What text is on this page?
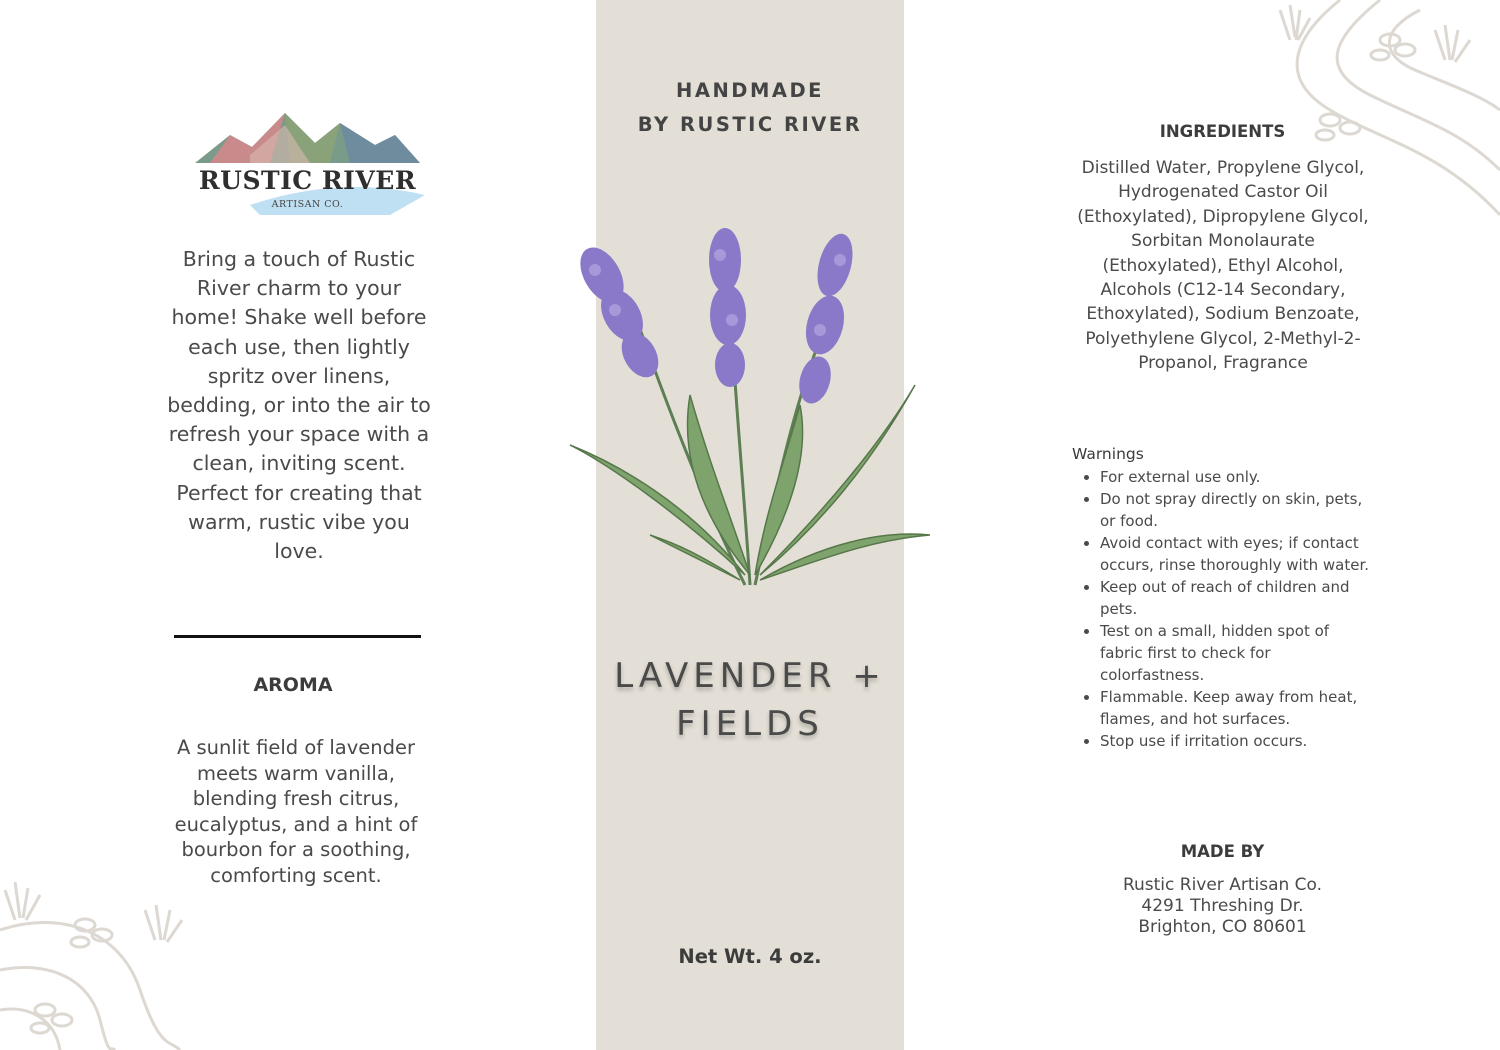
RUSTIC RIVER
ARTISAN CO.
Bring a touch of Rustic River charm to your home! Shake well before each use, then lightly spritz over linens, bedding, or into the air to refresh your space with a clean, inviting scent. Perfect for creating that warm, rustic vibe you love.
AROMA
A sunlit field of lavender meets warm vanilla, blending fresh citrus, eucalyptus, and a hint of bourbon for a soothing, comforting scent.
HANDMADE
BY RUSTIC RIVER
LAVENDER +
FIELDS
Net Wt. 4 oz.
INGREDIENTS
Distilled Water, Propylene Glycol, Hydrogenated Castor Oil (Ethoxylated), Dipropylene Glycol, Sorbitan Monolaurate (Ethoxylated), Ethyl Alcohol, Alcohols (C12-14 Secondary, Ethoxylated), Sodium Benzoate, Polyethylene Glycol, 2-Methyl-2-Propanol, Fragrance
Warnings
• For external use only.
• Do not spray directly on skin, pets, or food.
• Avoid contact with eyes; if contact occurs, rinse thoroughly with water.
• Keep out of reach of children and pets.
• Test on a small, hidden spot of fabric first to check for colorfastness.
• Flammable. Keep away from heat, flames, and hot surfaces.
• Stop use if irritation occurs.
MADE BY
Rustic River Artisan Co.
4291 Threshing Dr.
Brighton, CO 80601
